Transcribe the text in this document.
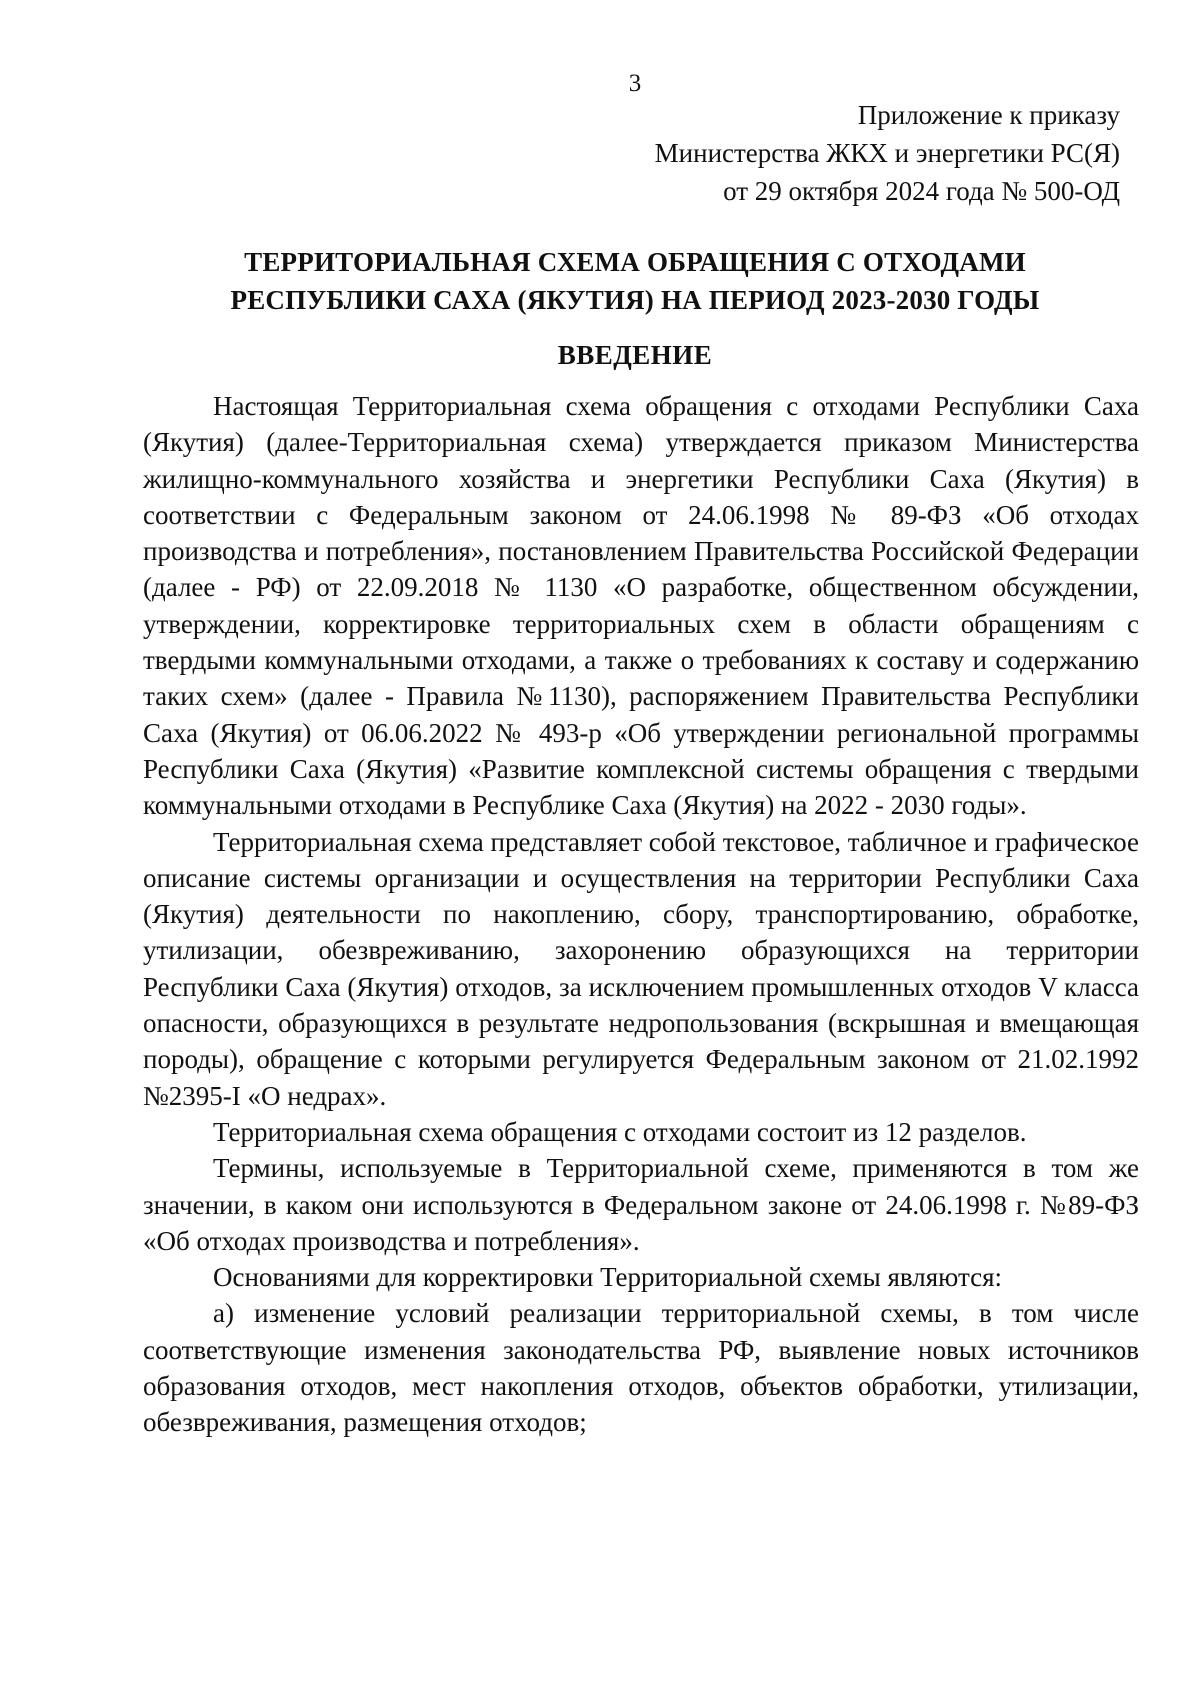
3
Приложение к приказу
Министерства ЖКХ и энергетики РС(Я)
от 29 октября 2024 года № 500-ОД
ТЕРРИТОРИАЛЬНАЯ СХЕМА ОБРАЩЕНИЯ С ОТХОДАМИ
РЕСПУБЛИКИ САХА (ЯКУТИЯ) НА ПЕРИОД 2023-2030 ГОДЫ
ВВЕДЕНИЕ

Настоящая Территориальная схема обращения с отходами Республики Саха (Якутия) (далее-Территориальная схема) утверждается приказом Министерства жилищно-коммунального хозяйства и энергетики Республики Саха (Якутия) в соответствии с Федеральным законом от 24.06.1998 № 89-ФЗ «Об отходах производства и потребления», постановлением Правительства Российской Федерации (далее - РФ) от 22.09.2018 № 1130 «О разработке, общественном обсуждении, утверждении, корректировке территориальных схем в области обращениям с твердыми коммунальными отходами, а также о требованиях к составу и содержанию таких схем» (далее - Правила №1130), распоряжением Правительства Республики Саха (Якутия) от 06.06.2022 № 493-р «Об утверждении региональной программы Республики Саха (Якутия) «Развитие комплексной системы обращения с твердыми коммунальными отходами в Республике Саха (Якутия) на 2022 - 2030 годы».

Территориальная схема представляет собой текстовое, табличное и графическое описание системы организации и осуществления на территории Республики Саха (Якутия) деятельности по накоплению, сбору, транспортированию, обработке, утилизации, обезвреживанию, захоронению образующихся на территории Республики Саха (Якутия) отходов, за исключением промышленных отходов V класса опасности, образующихся в результате недропользования (вскрышная и вмещающая породы), обращение с которыми регулируется Федеральным законом от 21.02.1992 №2395-I «О недрах».

Территориальная схема обращения с отходами состоит из 12 разделов.

Термины, используемые в Территориальной схеме, применяются в том же значении, в каком они используются в Федеральном законе от 24.06.1998 г. №89-ФЗ «Об отходах производства и потребления».

Основаниями для корректировки Территориальной схемы являются:

а) изменение условий реализации территориальной схемы, в том числе соответствующие изменения законодательства РФ, выявление новых источников образования отходов, мест накопления отходов, объектов обработки, утилизации, обезвреживания, размещения отходов;
